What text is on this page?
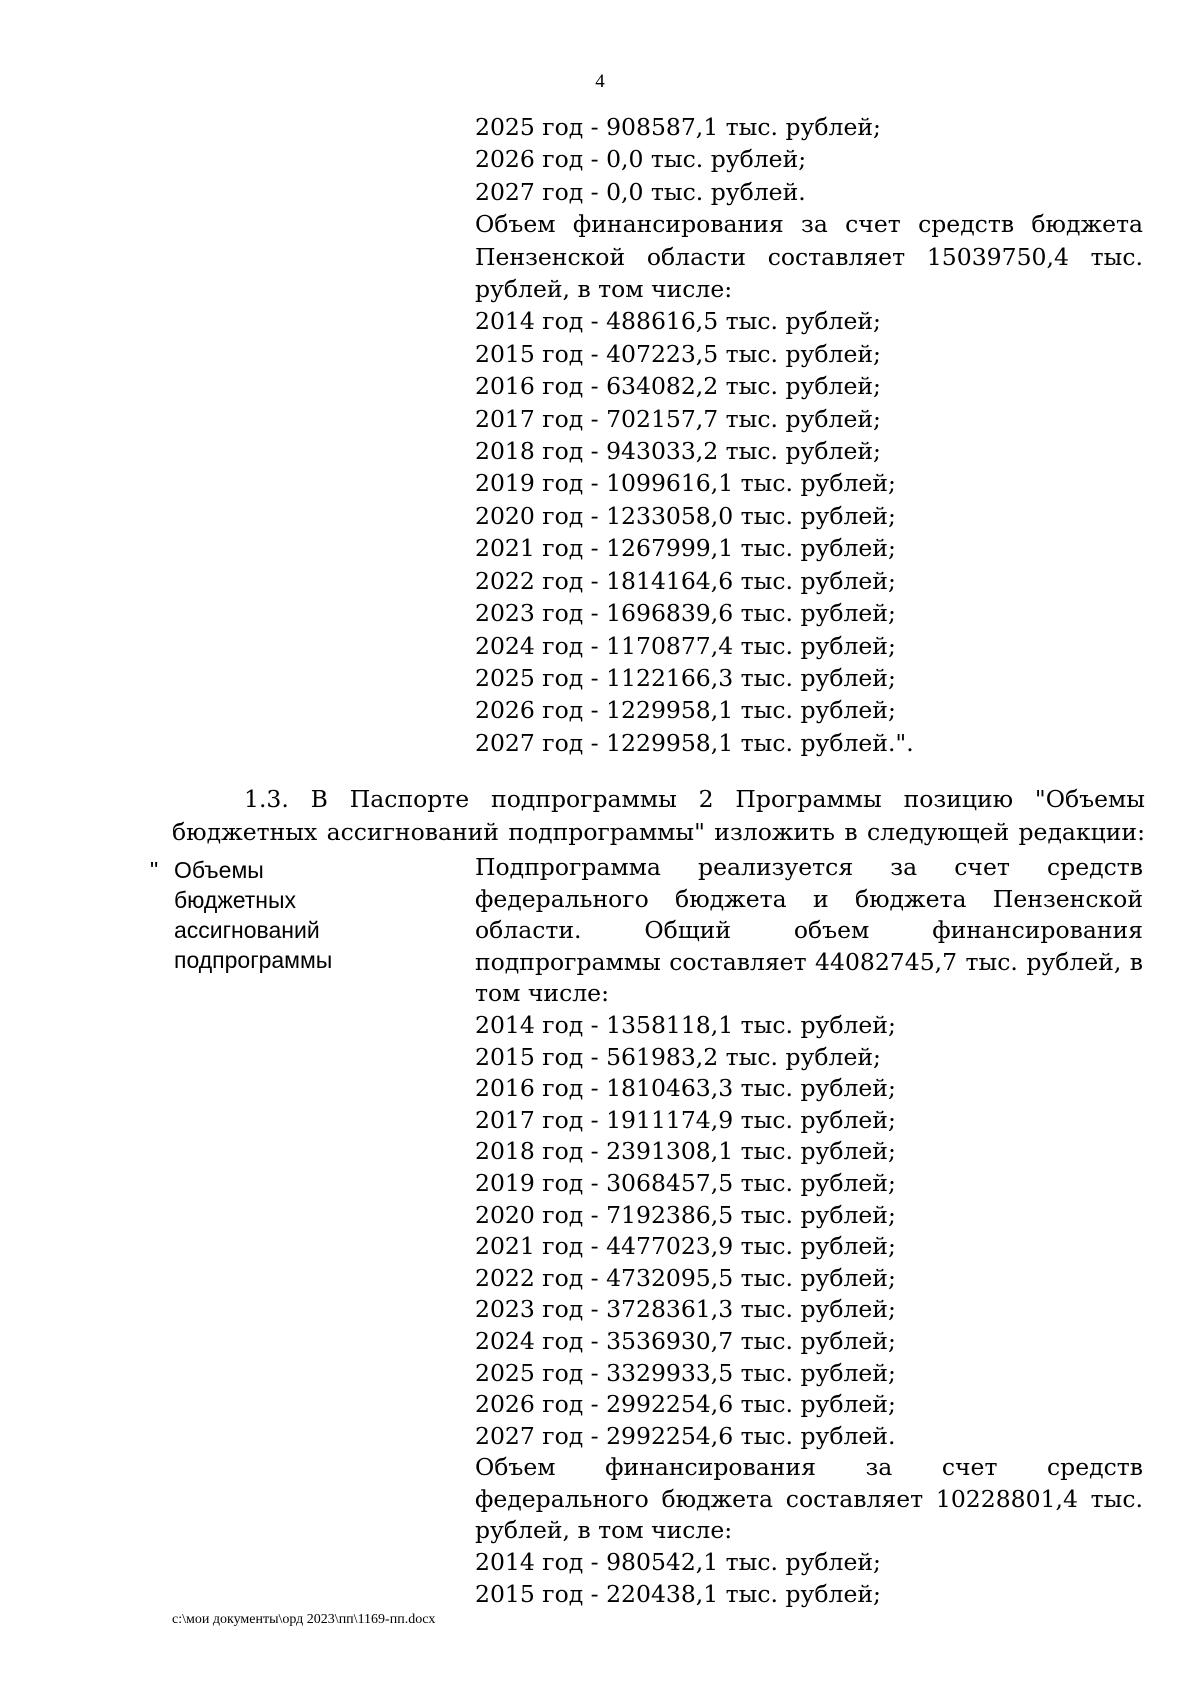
4
2025 год - 908587,1 тыс. рублей;
2026 год - 0,0 тыс. рублей;
2027 год - 0,0 тыс. рублей.
Объем финансирования за счет средств бюджета Пензенской области составляет 15039750,4 тыс. рублей, в том числе:
2014 год - 488616,5 тыс. рублей;
2015 год - 407223,5 тыс. рублей;
2016 год - 634082,2 тыс. рублей;
2017 год - 702157,7 тыс. рублей;
2018 год - 943033,2 тыс. рублей;
2019 год - 1099616,1 тыс. рублей;
2020 год - 1233058,0 тыс. рублей;
2021 год - 1267999,1 тыс. рублей;
2022 год - 1814164,6 тыс. рублей;
2023 год - 1696839,6 тыс. рублей;
2024 год - 1170877,4 тыс. рублей;
2025 год - 1122166,3 тыс. рублей;
2026 год - 1229958,1 тыс. рублей;
2027 год - 1229958,1 тыс. рублей.".
1.3. В Паспорте подпрограммы 2 Программы позицию "Объемы бюджетных ассигнований подпрограммы" изложить в следующей редакции:
" Объемы
бюджетных
ассигнований
подпрограммы
Подпрограмма реализуется за счет средств федерального бюджета и бюджета Пензенской области. Общий объем финансирования подпрограммы составляет 44082745,7 тыс. рублей, в том числе:
2014 год - 1358118,1 тыс. рублей;
2015 год - 561983,2 тыс. рублей;
2016 год - 1810463,3 тыс. рублей;
2017 год - 1911174,9 тыс. рублей;
2018 год - 2391308,1 тыс. рублей;
2019 год - 3068457,5 тыс. рублей;
2020 год - 7192386,5 тыс. рублей;
2021 год - 4477023,9 тыс. рублей;
2022 год - 4732095,5 тыс. рублей;
2023 год - 3728361,3 тыс. рублей;
2024 год - 3536930,7 тыс. рублей;
2025 год - 3329933,5 тыс. рублей;
2026 год - 2992254,6 тыс. рублей;
2027 год - 2992254,6 тыс. рублей.
Объем финансирования за счет средств федерального бюджета составляет 10228801,4 тыс. рублей, в том числе:
2014 год - 980542,1 тыс. рублей;
2015 год - 220438,1 тыс. рублей;
c:\мои документы\орд 2023\пп\1169-пп.docx
